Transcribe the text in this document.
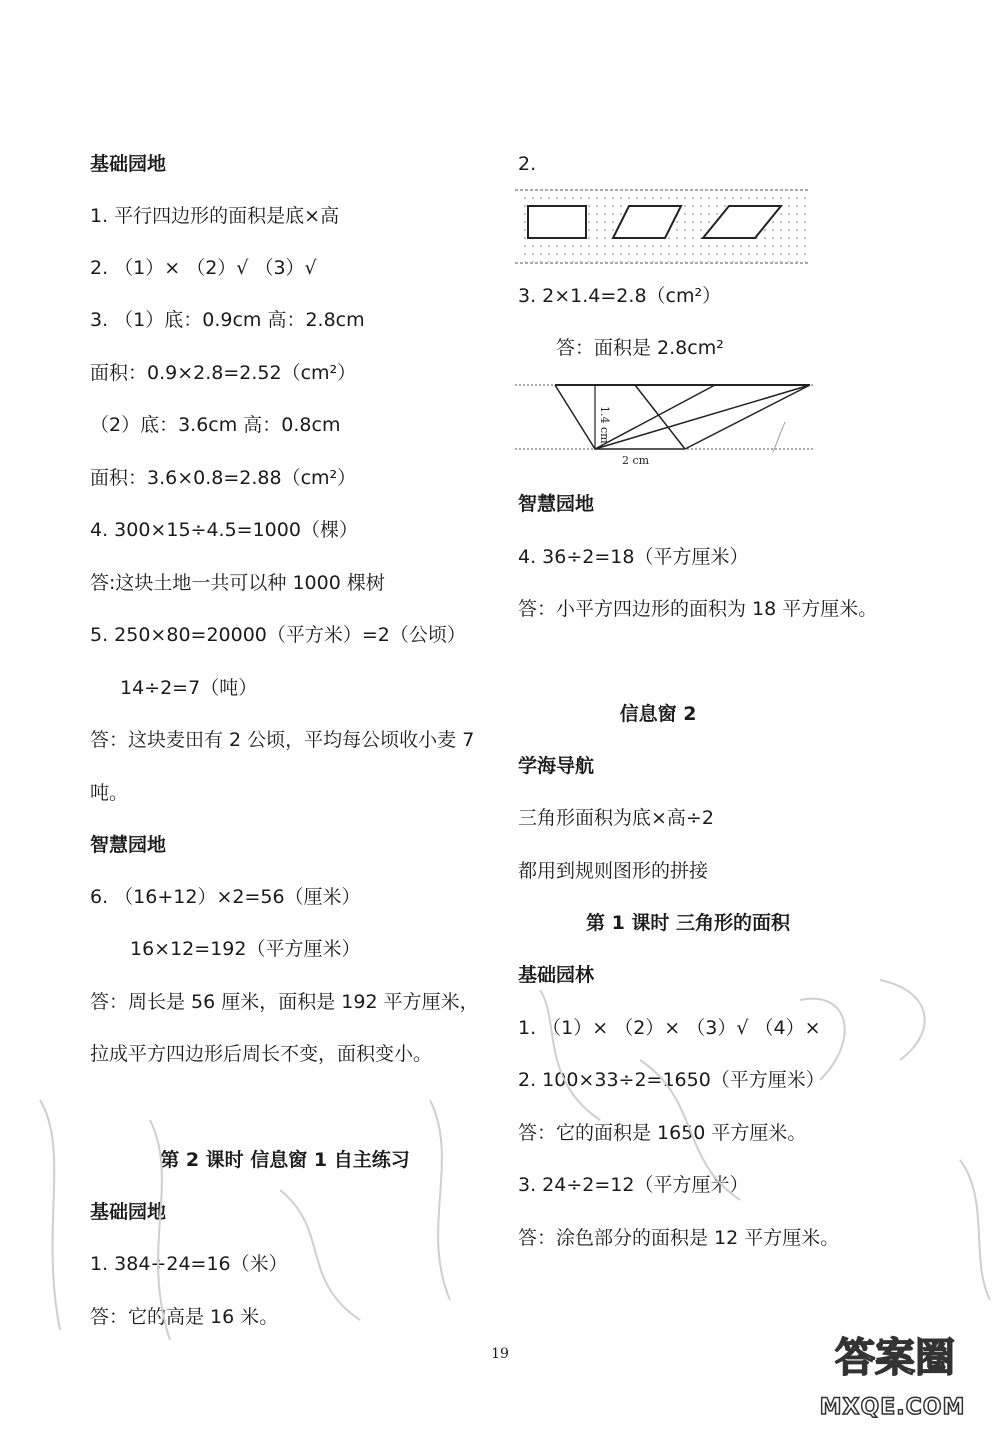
基础园地
1. 平行四边形的面积是底×高
2. （1）× （2）√ （3）√
3. （1）底：0.9cm 高：2.8cm
面积：0.9×2.8=2.52（cm²）
（2）底：3.6cm 高：0.8cm
面积：3.6×0.8=2.88（cm²）
4. 300×15÷4.5=1000（棵）
答:这块土地一共可以种 1000 棵树
5. 250×80=20000（平方米）=2（公顷）
14÷2=7（吨）
答：这块麦田有 2 公顷，平均每公顷收小麦 7
吨。
智慧园地
6. （16+12）×2=56（厘米）
16×12=192（平方厘米）
答：周长是 56 厘米，面积是 192 平方厘米，
拉成平方四边形后周长不变，面积变小。
第 2 课时 信息窗 1 自主练习
基础园地
1. 384÷24=16（米）
答：它的高是 16 米。
2.
3. 2×1.4=2.8（cm²）
答：面积是 2.8cm²
1.4 cm
2 cm
智慧园地
4. 36÷2=18（平方厘米）
答：小平方四边形的面积为 18 平方厘米。
信息窗 2
学海导航
三角形面积为底×高÷2
都用到规则图形的拼接
第 1 课时 三角形的面积
基础园林
1. （1）× （2）× （3）√ （4）×
2. 100×33÷2=1650（平方厘米）
答：它的面积是 1650 平方厘米。
3. 24÷2=12（平方厘米）
答：涂色部分的面积是 12 平方厘米。
19	答案圈
MXQE.COM
